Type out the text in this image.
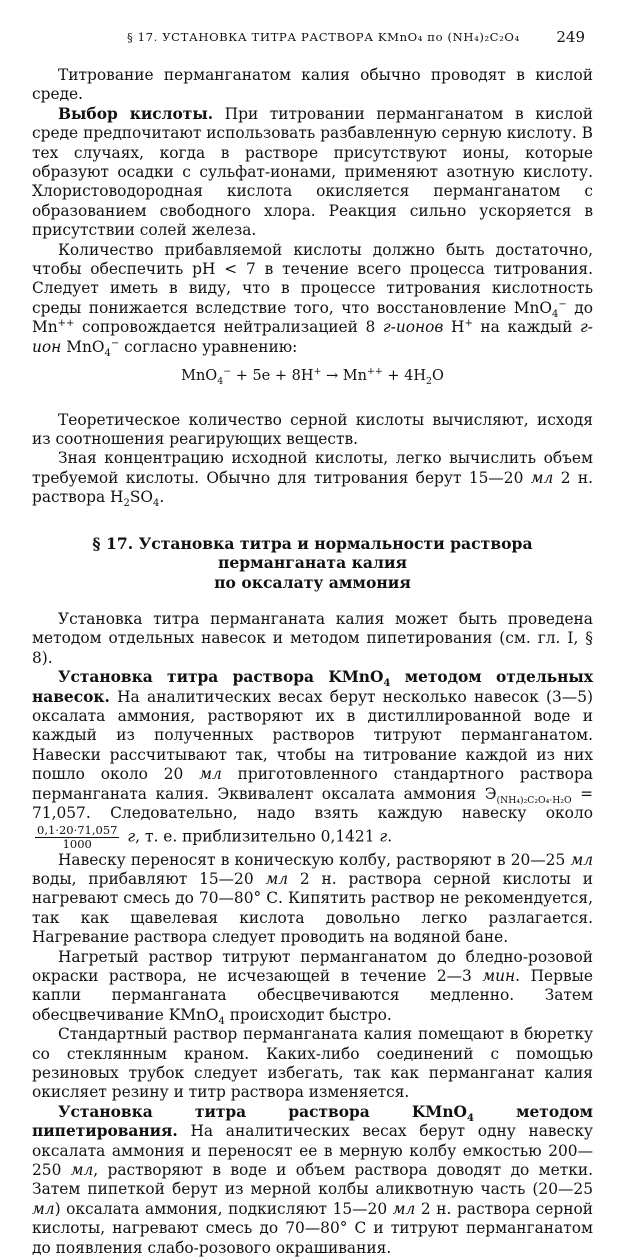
§ 17. УСТАНОВКА ТИТРА РАСТВОРА KMnO₄ по (NH₄)₂C₂O₄ 249

Титрование перманганатом калия обычно проводят в кислой среде.

Выбор кислоты. При титровании перманганатом в кислой среде предпочитают использовать разбавленную серную кислоту. В тех случаях, когда в растворе присутствуют ионы, которые образуют осадки с сульфат-ионами, применяют азотную кислоту. Хлористоводородная кислота окисляется перманганатом с образованием свободного хлора. Реакция сильно ускоряется в присутствии солей железа.

Количество прибавляемой кислоты должно быть достаточно, чтобы обеспечить pH < 7 в течение всего процесса титрования. Следует иметь в виду, что в процессе титрования кислотность среды понижается вследствие того, что восстановление MnO$_4$− до Mn++ сопровождается нейтрализацией 8 г-ионов H+ на каждый г-ион MnO$_4$− согласно уравнению:

$MnO_4^- + 5e + 8H^+ \to Mn^{++} + 4H_2O$

Теоретическое количество серной кислоты вычисляют, исходя из соотношения реагирующих веществ.

Зная концентрацию исходной кислоты, легко вычислить объем требуемой кислоты. Обычно для титрования берут 15—20 мл 2 н. раствора $H_2SO_4$.

§ 17. Установка титра и нормальности раствора перманганата калия
по оксалату аммония

Установка титра перманганата калия может быть проведена методом отдельных навесок и методом пипетирования (см. гл. I, § 8).

Установка титра раствора KMnO$_4$ методом отдельных навесок. На аналитических весах берут несколько навесок (3—5) оксалата аммония, растворяют их в дистиллированной воде и каждый из полученных растворов титруют перманганатом. Навески рассчитывают так, чтобы на титрование каждой из них пошло около 20 мл приготовленного стандартного раствора перманганата калия. Эквивалент оксалата аммония $Э_{(NH_4)_2C_2O_4\cdot H_2O} = 71,057$. Следовательно, надо взять каждую навеску около
$\frac{0,1\cdot 20\cdot 71,057}{1000} г$, т. е. приблизительно 0,1421 г.

Навеску переносят в коническую колбу, растворяют в 20—25 мл воды, прибавляют 15—20 мл 2 н. раствора серной кислоты и нагревают смесь до 70—80° С. Кипятить раствор не рекомендуется, так как щавелевая кислота довольно легко разлагается. Нагревание раствора следует проводить на водяной бане.

Нагретый раствор титруют перманганатом до бледно-розовой окраски раствора, не исчезающей в течение 2—3 мин. Первые капли перманганата обесцвечиваются медленно. Затем обесцвечивание KMnO$_4$ происходит быстро.

Стандартный раствор перманганата калия помещают в бюретку со стеклянным краном. Каких-либо соединений с помощью резиновых трубок следует избегать, так как перманганат калия окисляет резину и титр раствора изменяется.

Установка титра раствора KMnO$_4$ методом пипетирования. На аналитических весах берут одну навеску оксалата аммония и переносят ее в мерную колбу емкостью 200—250 мл, растворяют в воде и объем раствора доводят до метки. Затем пипеткой берут из мерной колбы аликвотную часть (20—25 мл) оксалата аммония, подкисляют 15—20 мл 2 н. раствора серной кислоты, нагревают смесь до 70—80° С и титруют перманганатом до появления слабо-розового окрашивания.
